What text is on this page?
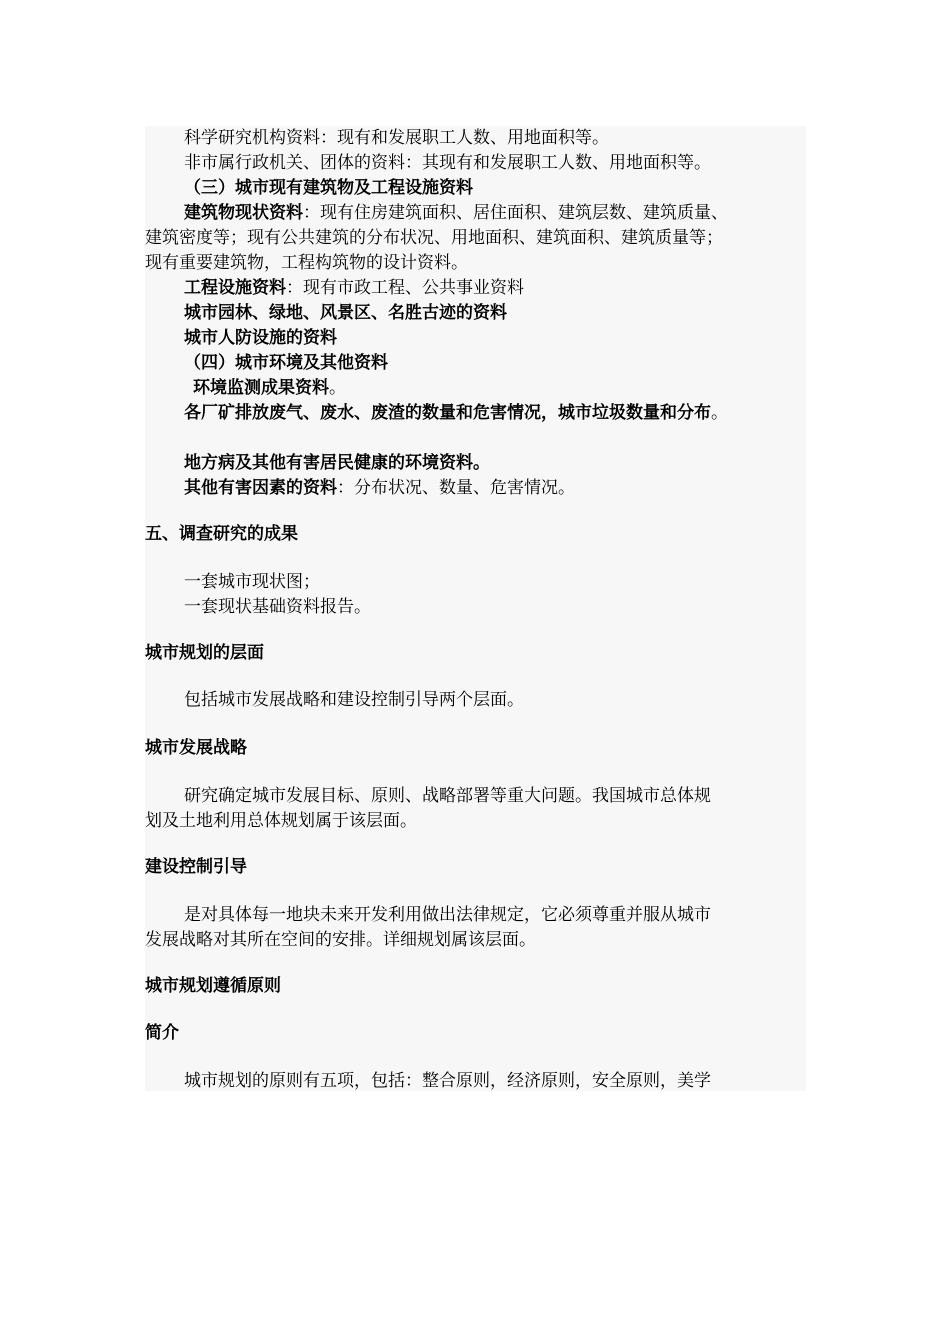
科学研究机构资料：现有和发展职工人数、用地面积等。
非市属行政机关、团体的资料：其现有和发展职工人数、用地面积等。
（三）城市现有建筑物及工程设施资料
建筑物现状资料：现有住房建筑面积、居住面积、建筑层数、建筑质量、
建筑密度等；现有公共建筑的分布状况、用地面积、建筑面积、建筑质量等；
现有重要建筑物，工程构筑物的设计资料。
工程设施资料：现有市政工程、公共事业资料
城市园林、绿地、风景区、名胜古迹的资料
城市人防设施的资料
（四）城市环境及其他资料
环境监测成果资料。
各厂矿排放废气、废水、废渣的数量和危害情况，城市垃圾数量和分布。
地方病及其他有害居民健康的环境资料。
其他有害因素的资料：分布状况、数量、危害情况。
五、调查研究的成果
一套城市现状图；
一套现状基础资料报告。
城市规划的层面
包括城市发展战略和建设控制引导两个层面。
城市发展战略
研究确定城市发展目标、原则、战略部署等重大问题。我国城市总体规
划及土地利用总体规划属于该层面。
建设控制引导
是对具体每一地块未来开发利用做出法律规定，它必须尊重并服从城市
发展战略对其所在空间的安排。详细规划属该层面。
城市规划遵循原则
简介
城市规划的原则有五项，包括：整合原则，经济原则，安全原则，美学
